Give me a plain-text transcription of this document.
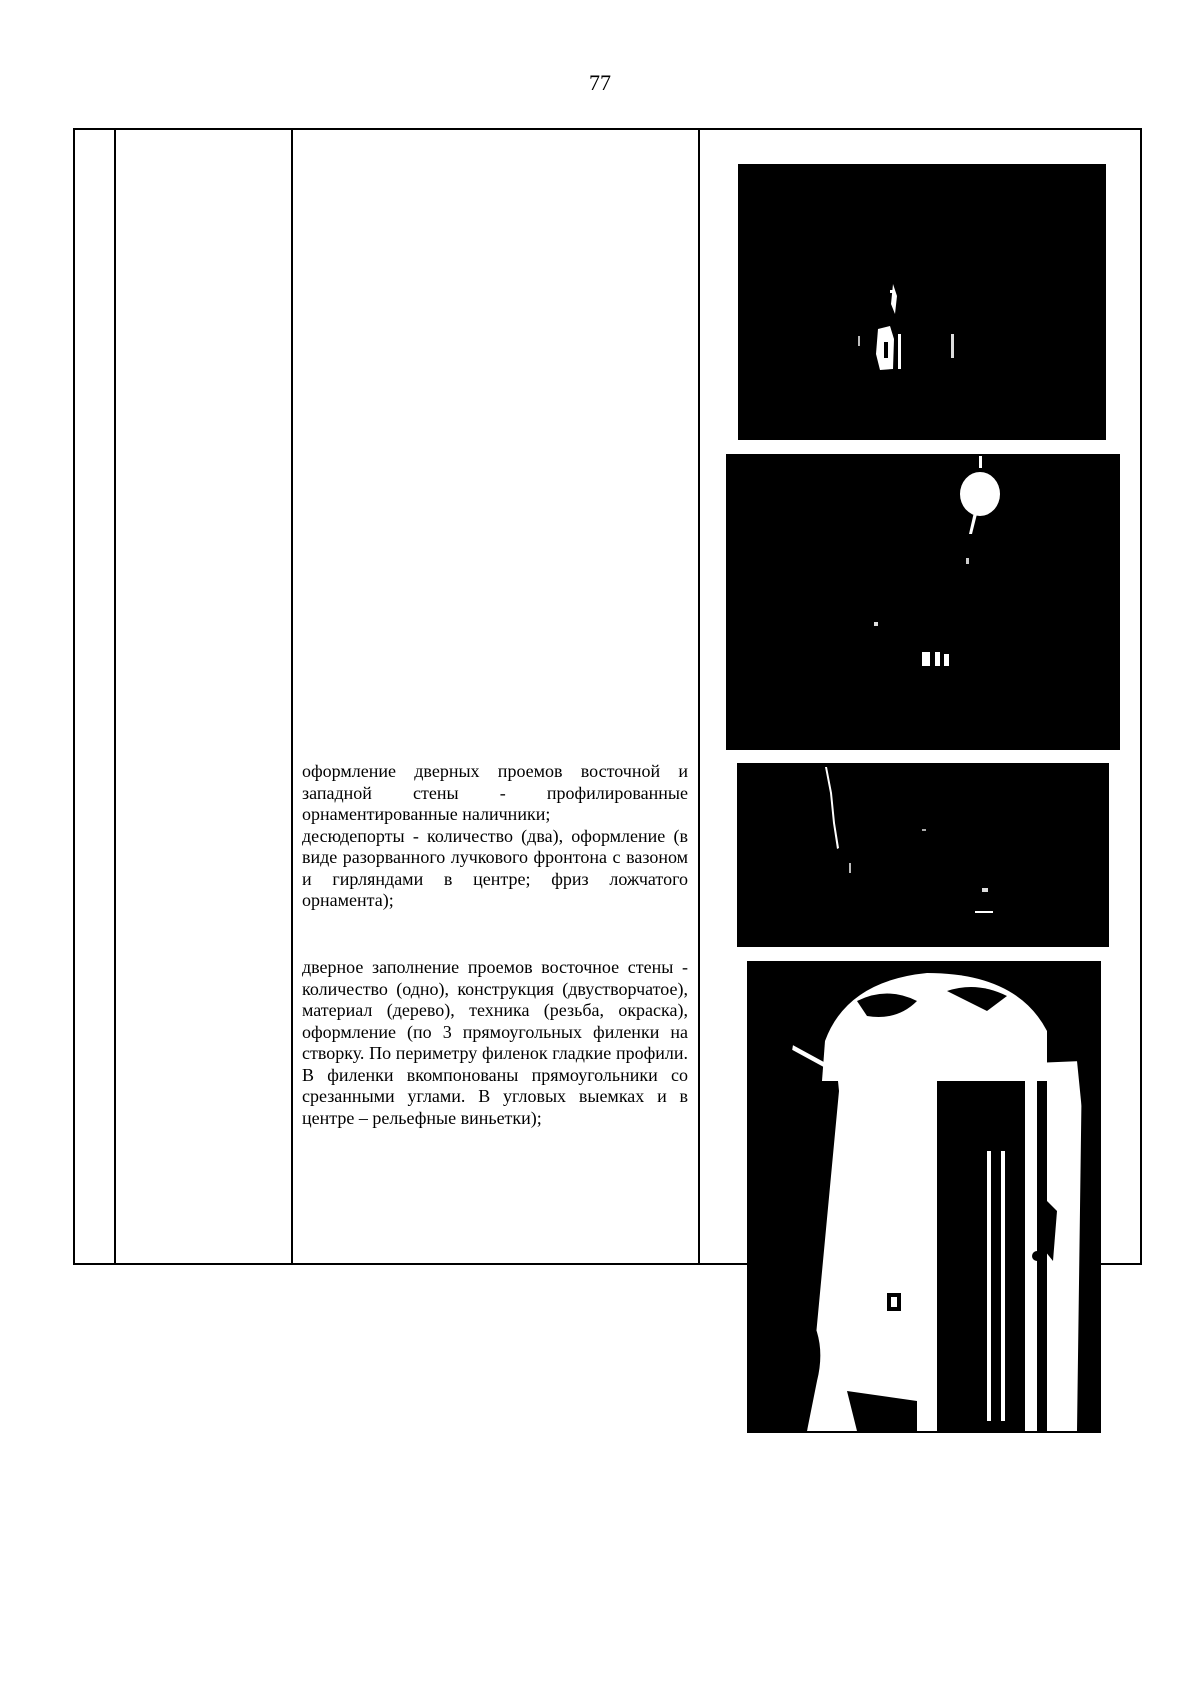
77

оформление дверных проемов восточной и западной стены - профилированные орнаментированные наличники;

десюдепорты - количество (два), оформление (в виде разорванного лучкового фронтона с вазоном и гирляндами в центре; фриз ложчатого орнамента);

дверное заполнение проемов восточное стены - количество (одно), конструкция (двустворчатое), материал (дерево), техника (резьба, окраска), оформление (по 3 прямоугольных филенки на створку. По периметру филенок гладкие профили. В филенки вкомпонованы прямоугольники со срезанными углами. В угловых выемках и в центре – рельефные виньетки);
